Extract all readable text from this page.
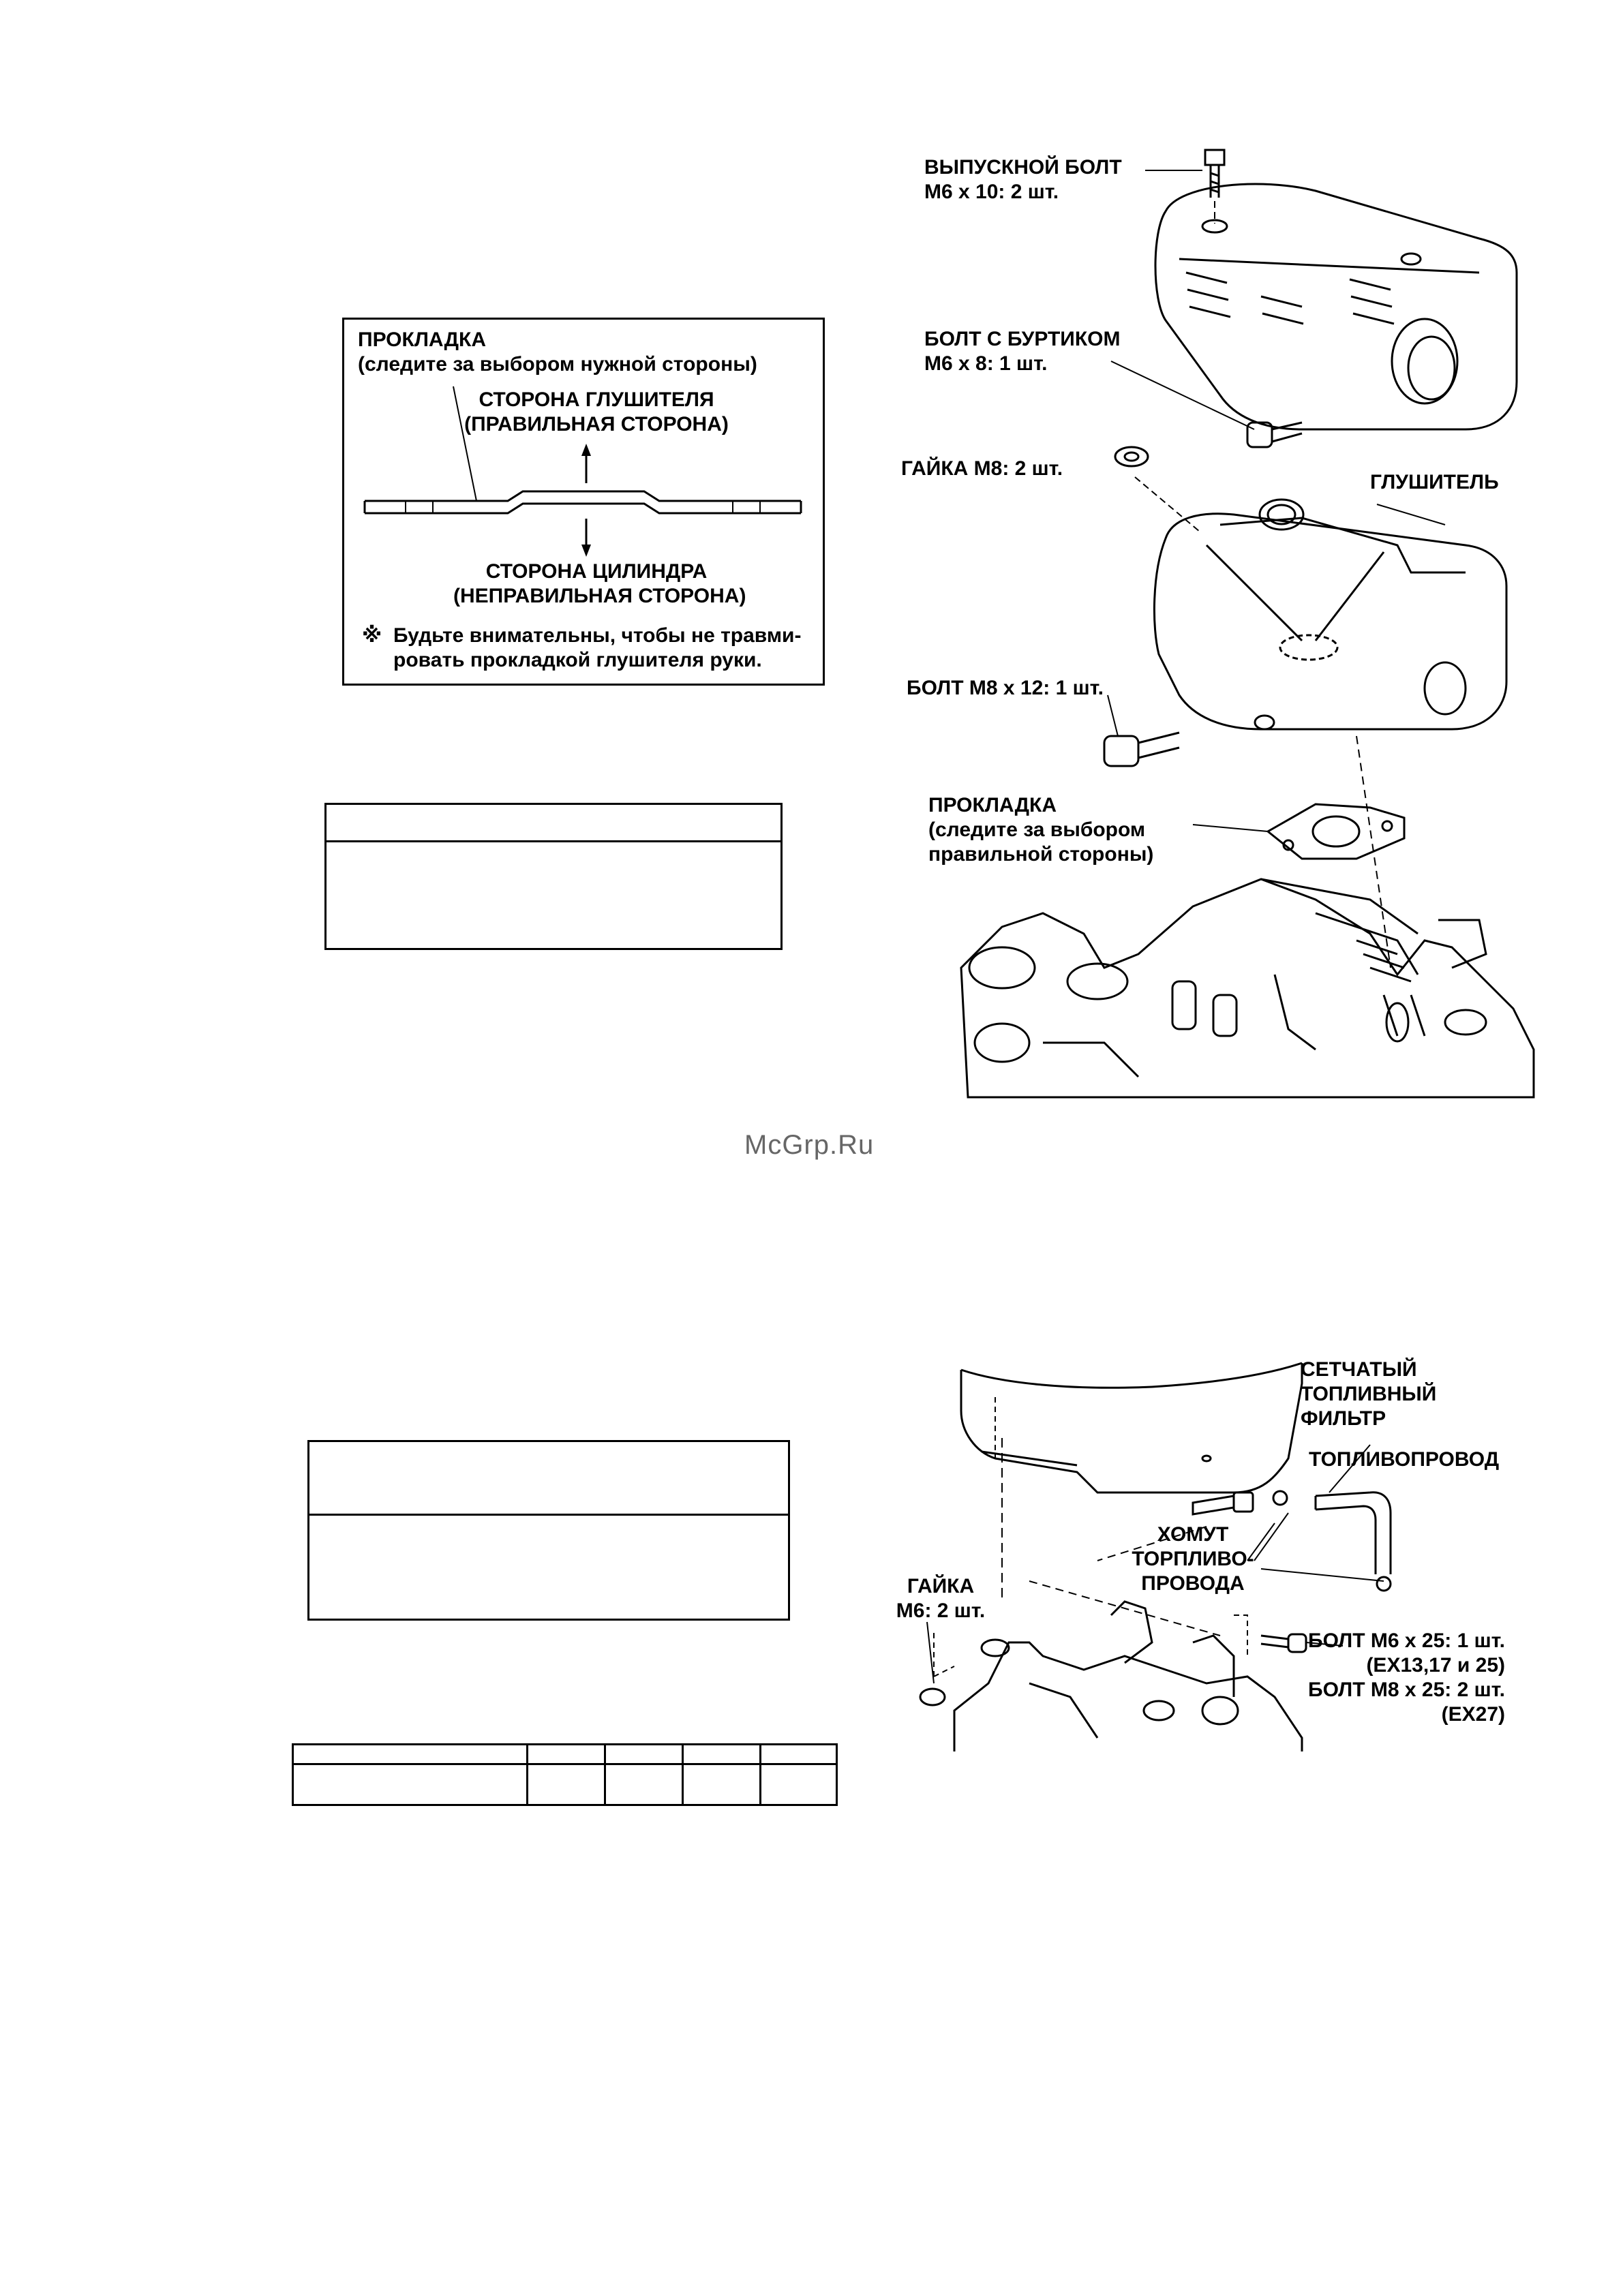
ПРОКЛАДКА
(следите за выбором нужной стороны)
СТОРОНА ГЛУШИТЕЛЯ
(ПРАВИЛЬНАЯ СТОРОНА)
СТОРОНА ЦИЛИНДРА
(НЕПРАВИЛЬНАЯ СТОРОНА)
※ Будьте внимательны, чтобы не травми-
ровать прокладкой глушителя руки.
ВЫПУСКНОЙ БОЛТ
М6 x 10: 2 шт.
БОЛТ С БУРТИКОМ
М6 x 8: 1 шт.
ГАЙКА М8: 2 шт.
ГЛУШИТЕЛЬ
БОЛТ М8 x 12: 1 шт.
ПРОКЛАДКА
(следите за выбором
правильной стороны)
McGrp.Ru
СЕТЧАТЫЙ
ТОПЛИВНЫЙ
ФИЛЬТР
ТОПЛИВОПРОВОД
ХОМУТ
ТОРПЛИВО-
ПРОВОДА
ГАЙКА
М6: 2 шт.
БОЛТ М6 x 25: 1 шт.
(EX13,17 и 25)
БОЛТ М8 x 25: 2 шт.
(EX27)
